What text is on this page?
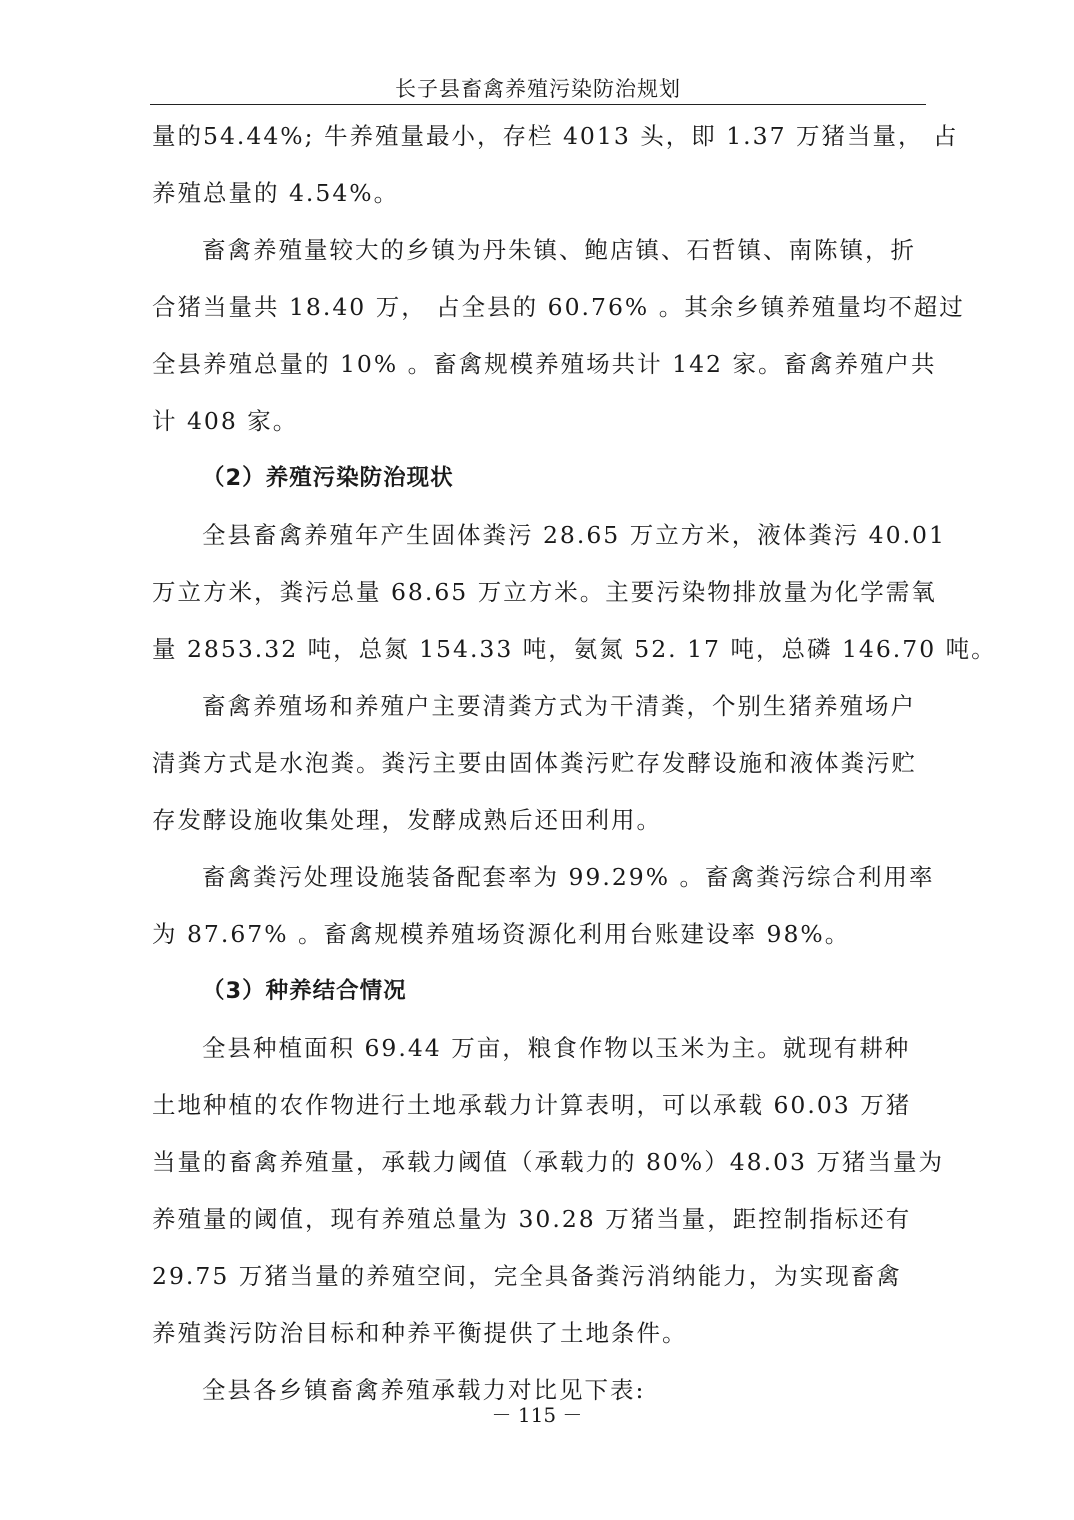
长子县畜禽养殖污染防治规划
量的54.44%; 牛养殖量最小，存栏 4013 头，即 1.37 万猪当量， 占
养殖总量的 4.54%。
畜禽养殖量较大的乡镇为丹朱镇、鲍店镇、石哲镇、南陈镇，折
合猪当量共 18.40 万， 占全县的 60.76% 。其余乡镇养殖量均不超过
全县养殖总量的 10% 。畜禽规模养殖场共计 142 家。畜禽养殖户共
计 408 家。
（2）养殖污染防治现状
全县畜禽养殖年产生固体粪污 28.65 万立方米，液体粪污 40.01
万立方米，粪污总量 68.65 万立方米。主要污染物排放量为化学需氧
量 2853.32 吨，总氮 154.33 吨，氨氮 52. 17 吨，总磷 146.70 吨。
畜禽养殖场和养殖户主要清粪方式为干清粪，个别生猪养殖场户
清粪方式是水泡粪。粪污主要由固体粪污贮存发酵设施和液体粪污贮
存发酵设施收集处理，发酵成熟后还田利用。
畜禽粪污处理设施装备配套率为 99.29% 。畜禽粪污综合利用率
为 87.67% 。畜禽规模养殖场资源化利用台账建设率 98%。
（3）种养结合情况
全县种植面积 69.44 万亩，粮食作物以玉米为主。就现有耕种
土地种植的农作物进行土地承载力计算表明，可以承载 60.03 万猪
当量的畜禽养殖量，承载力阈值（承载力的 80%）48.03 万猪当量为
养殖量的阈值，现有养殖总量为 30.28 万猪当量，距控制指标还有
29.75 万猪当量的养殖空间，完全具备粪污消纳能力，为实现畜禽
养殖粪污防治目标和种养平衡提供了土地条件。
全县各乡镇畜禽养殖承载力对比见下表:
－ 115 －
